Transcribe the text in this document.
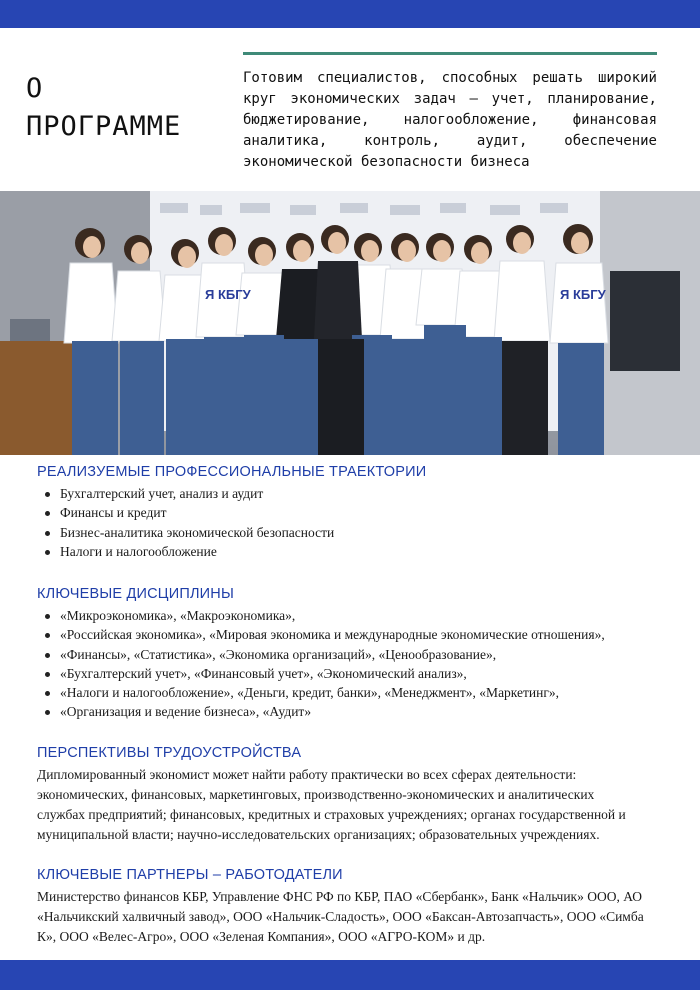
О
ПРОГРАММЕ
Готовим специалистов, способных решать широкий круг экономических задач – учет, планирование, бюджетирование, налогообложение, финансовая аналитика, контроль, аудит, обеспечение экономической безопасности бизнеса
Я КБГУ	Я КБГУ
РЕАЛИЗУЕМЫЕ ПРОФЕССИОНАЛЬНЫЕ ТРАЕКТОРИИ
Бухгалтерский учет, анализ и аудит
Финансы и кредит
Бизнес-аналитика экономической безопасности
Налоги и налогообложение
КЛЮЧЕВЫЕ ДИСЦИПЛИНЫ
«Микроэкономика», «Макроэкономика»,
«Российская экономика», «Мировая экономика и международные экономические отношения»,
«Финансы», «Статистика», «Экономика организаций», «Ценообразование»,
«Бухгалтерский учет», «Финансовый учет», «Экономический анализ»,
«Налоги и налогообложение», «Деньги, кредит, банки», «Менеджмент», «Маркетинг»,
«Организация и ведение бизнеса», «Аудит»
ПЕРСПЕКТИВЫ ТРУДОУСТРОЙСТВА

Дипломированный экономист может найти работу практически во всех сферах деятельности:

экономических, финансовых, маркетинговых, производственно-экономических и аналитических

службах предприятий; финансовых, кредитных и страховых учреждениях; органах государственной и

муниципальной власти; научно-исследовательских организациях; образовательных учреждениях.

КЛЮЧЕВЫЕ ПАРТНЕРЫ – РАБОТОДАТЕЛИ

Министерство финансов КБР, Управление ФНС РФ по КБР, ПАО «Сбербанк», Банк «Нальчик» ООО, АО

«Нальчикский халвичный завод», ООО «Нальчик-Сладость», ООО «Баксан-Автозапчасть», ООО «Симба

К», ООО «Велес-Агро», ООО «Зеленая Компания», ООО «АГРО-КОМ» и др.
